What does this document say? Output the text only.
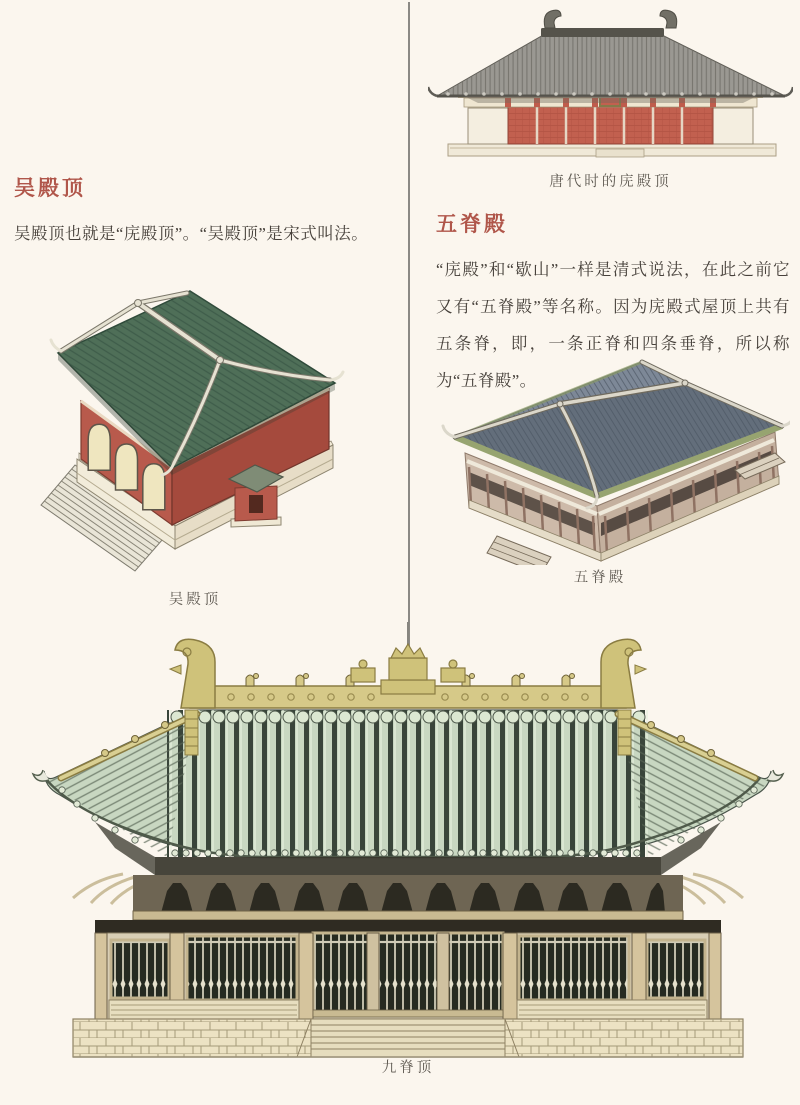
唐代时的庑殿顶
吴殿顶
吴殿顶也就是“庑殿顶”。“吴殿顶”是宋式叫法。	五脊殿
“庑殿”和“歇山”一样是清式说法，在此之前它又有“五脊殿”等名称。因为庑殿式屋顶上共有五条脊，即，一条正脊和四条垂脊，所以称为“五脊殿”。
吴殿顶
五脊殿
九脊顶
